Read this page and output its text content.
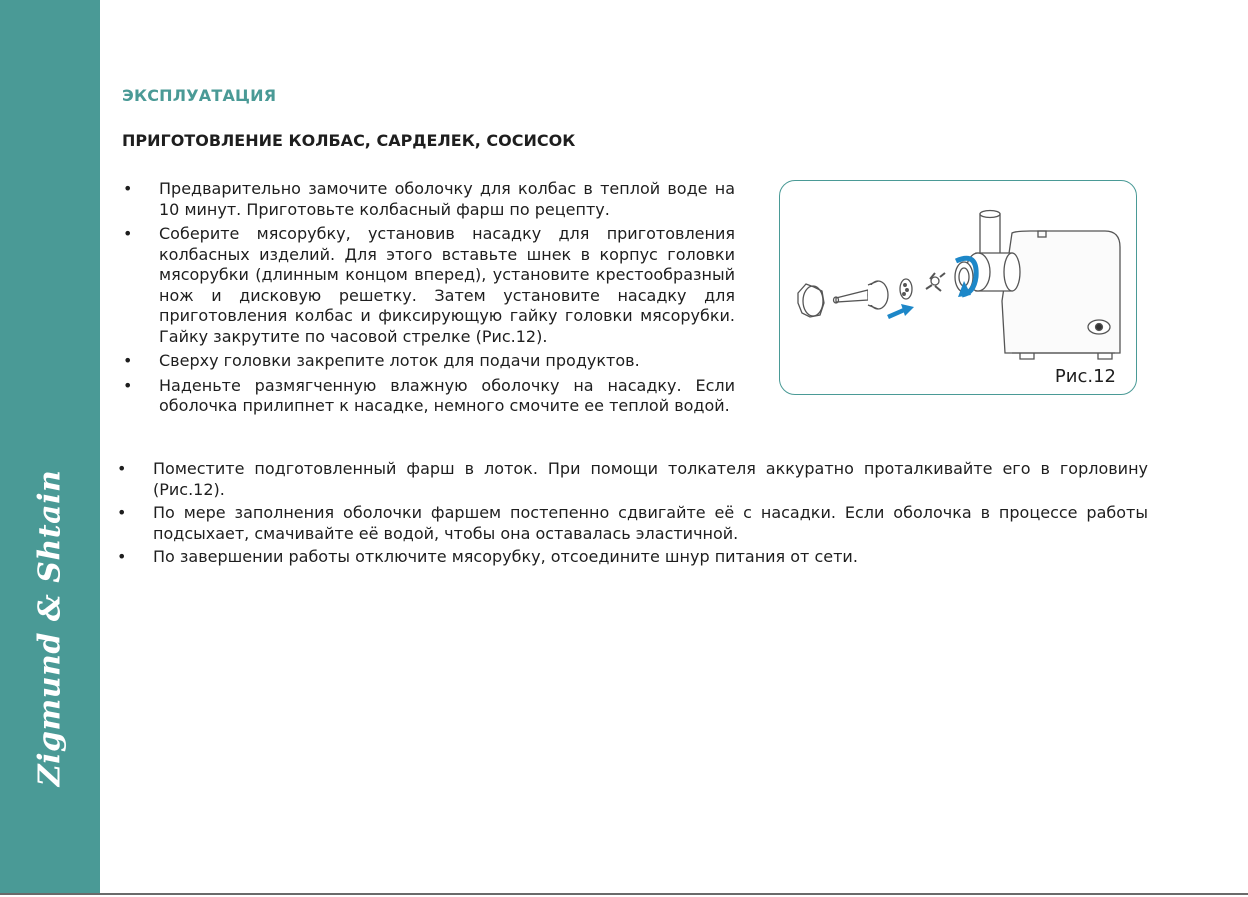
Zigmund & Shtain
ЭКСПЛУАТАЦИЯ
ПРИГОТОВЛЕНИЕ КОЛБАС, САРДЕЛЕК, СОСИСОК
• Предварительно замочите оболочку для колбас в теплой воде на 10 минут. Приготовьте колбасный фарш по рецепту.
• Соберите мясорубку, установив насадку для приготовления колбасных изделий. Для этого вставьте шнек в корпус головки мясорубки (длинным концом вперед), установите крестообразный нож и дисковую решетку. Затем установите насадку для приготовления колбас и фиксирующую гайку головки мясорубки. Гайку закрутите по часовой стрелке (Рис.12).
• Сверху головки закрепите лоток для подачи продуктов.
• Наденьте размягченную влажную оболочку на насадку. Если оболочка прилипнет к насадке, немного смочите ее теплой водой.
Рис.12
• Поместите подготовленный фарш в лоток. При помощи толкателя аккуратно проталкивайте его в горловину (Рис.12).
• По мере заполнения оболочки фаршем постепенно сдвигайте её с насадки. Если оболочка в процессе работы подсыхает, смачивайте её водой, чтобы она оставалась эластичной.
• По завершении работы отключите мясорубку, отсоедините шнур питания от сети.
